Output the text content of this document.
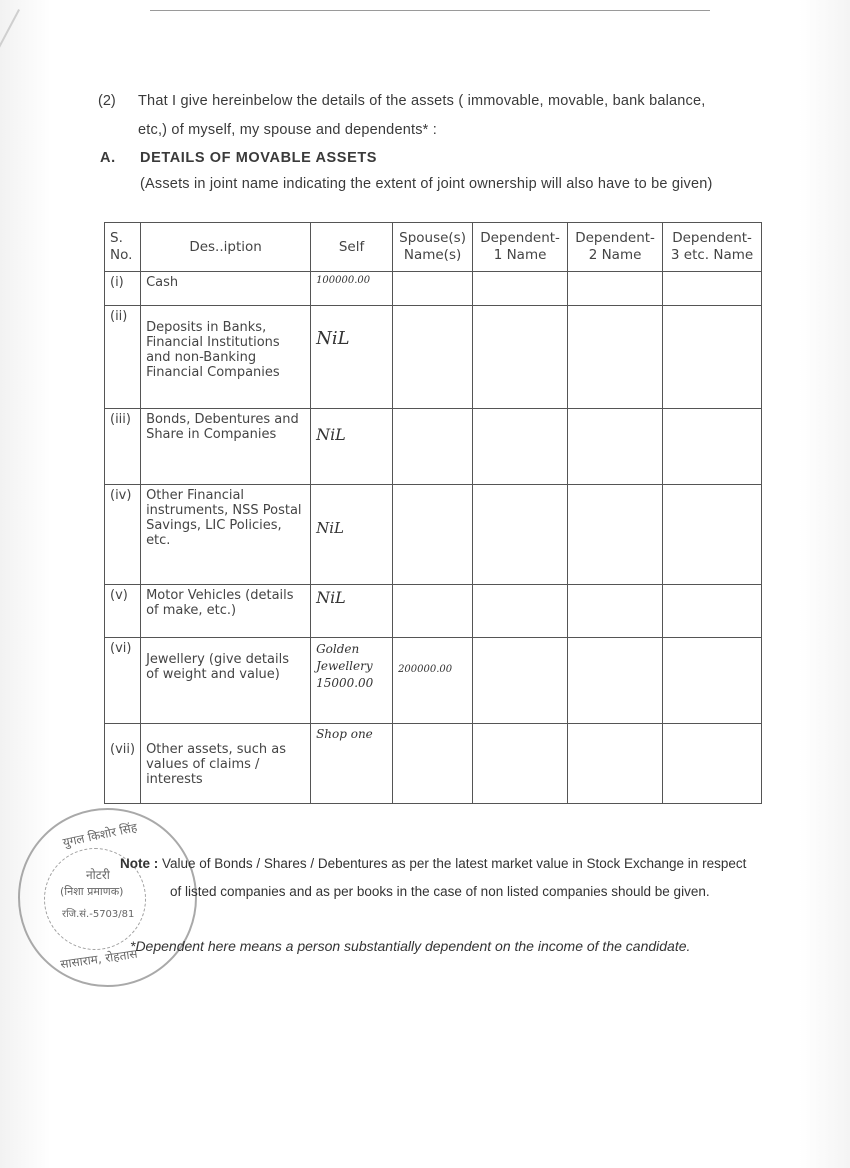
(2) That I give hereinbelow the details of the assets ( immovable, movable, bank balance,
etc,) of myself, my spouse and dependents* :
A. DETAILS OF MOVABLE ASSETS
(Assets in joint name indicating the extent of joint ownership will also have to be given)
S. No.	Des..iption	Self	Spouse(s) Name(s)	Dependent-1 Name	Dependent-2 Name	Dependent-3 etc. Name
(i)	Cash	100000.00				
(ii)	Deposits in Banks, Financial Institutions and non-Banking Financial Companies	NiL				
(iii)	Bonds, Debentures and Share in Companies	NiL				
(iv)	Other Financial instruments, NSS Postal Savings, LIC Policies, etc.	NiL				
(v)	Motor Vehicles (details of make, etc.)	NiL				
(vi)	Jewellery (give details of weight and value)	Golden Jewellery 15000.00	200000.00			
(vii)	Other assets, such as values of claims / interests	Shop one				
युगल किशोर सिंह
नोटरी
(निशा प्रमाणक)
रजि.सं.-5703/81
सासाराम, रोहतास
Note : Value of Bonds / Shares / Debentures as per the latest market value in Stock Exchange in respect
of listed companies and as per books in the case of non listed companies should be given.
*Dependent here means a person substantially dependent on the income of the candidate.
